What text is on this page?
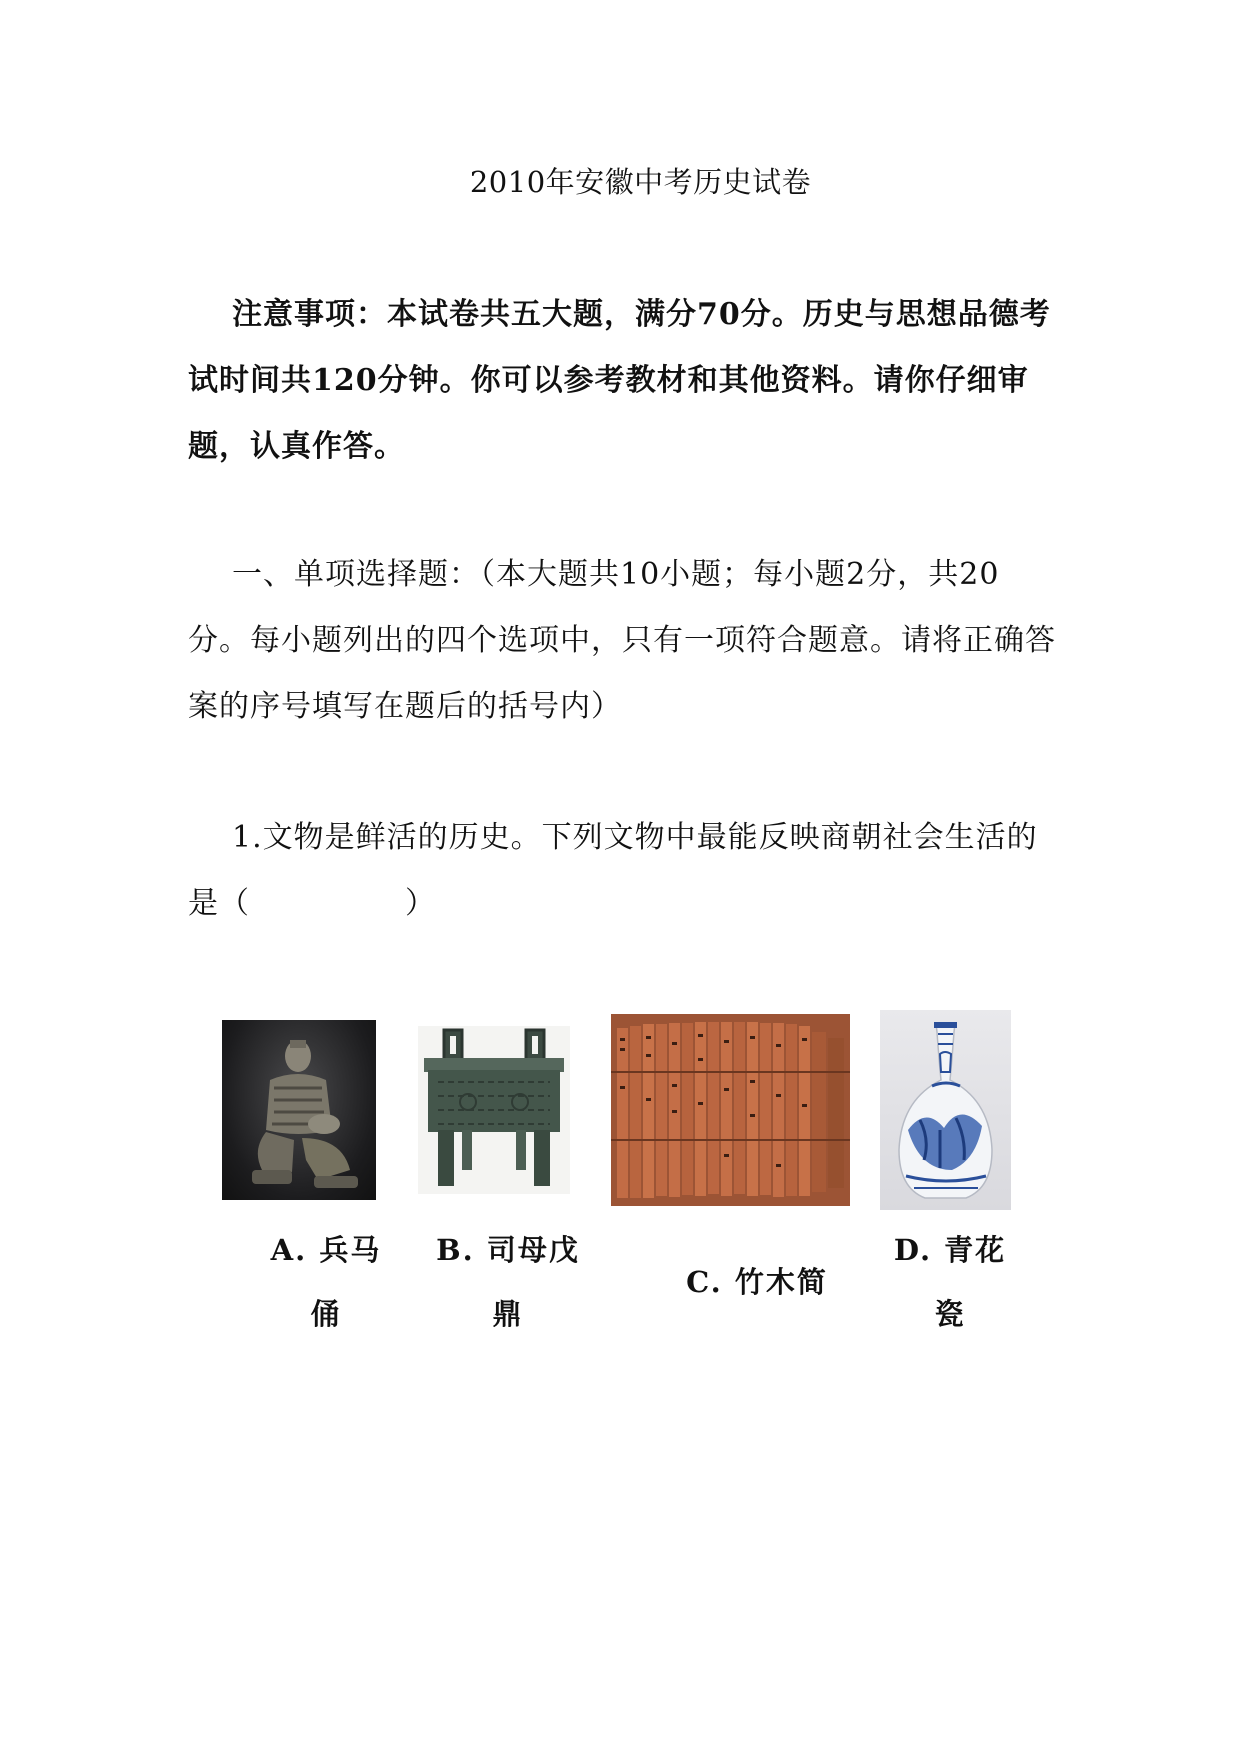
2010年安徽中考历史试卷
注意事项：本试卷共五大题，满分70分。历史与思想品德考试时间共120分钟。你可以参考教材和其他资料。请你仔细审题，认真作答。
一、单项选择题：（本大题共10小题；每小题2分，共20分。每小题列出的四个选项中，只有一项符合题意。请将正确答案的序号填写在题后的括号内）
1.文物是鲜活的历史。下列文物中最能反映商朝社会生活的是（　　　　　）
A. 兵马
俑
B. 司母戊
鼎
C. 竹木简
D. 青花
瓷
